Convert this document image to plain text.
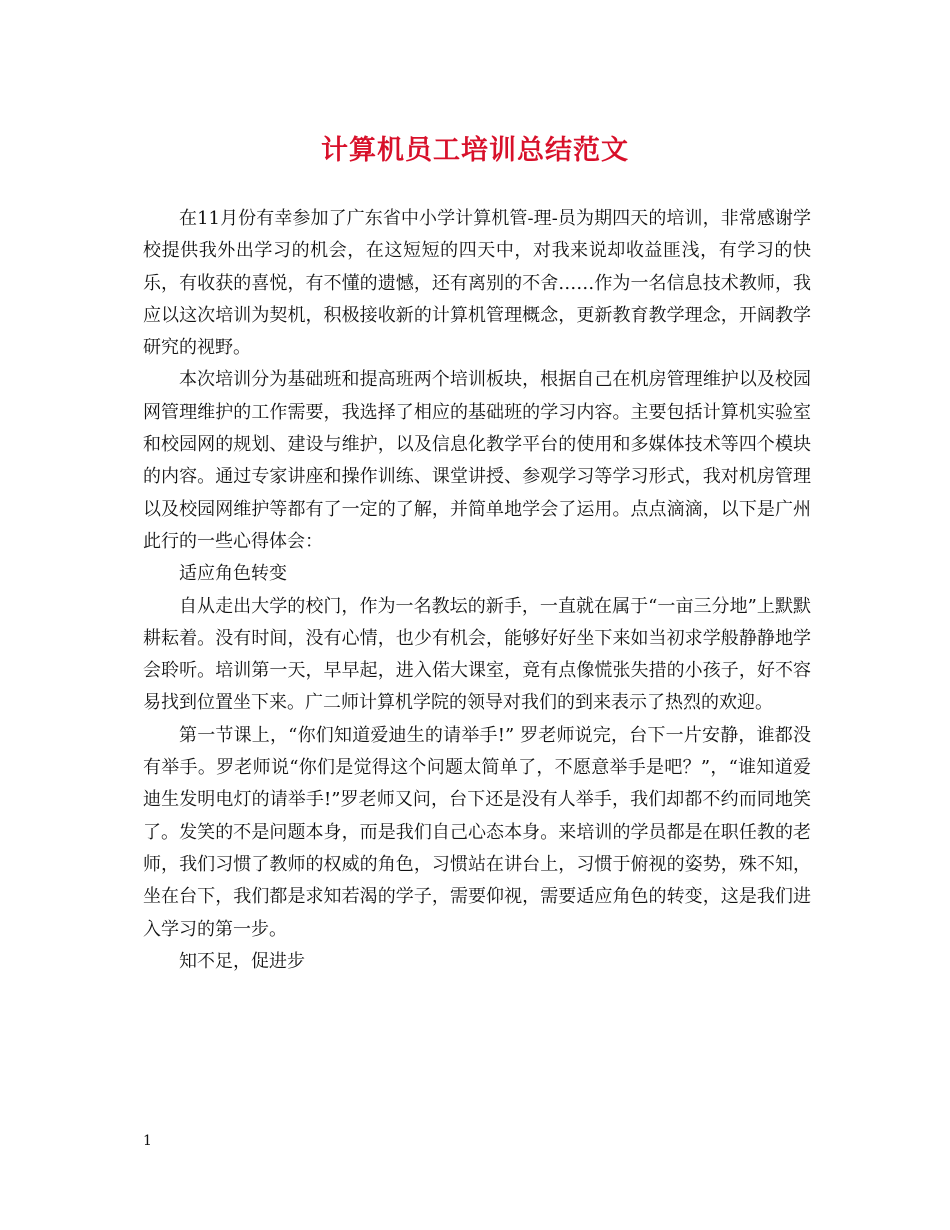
计算机员工培训总结范文

在11月份有幸参加了广东省中小学计算机管-理-员为期四天的培训，非常感谢学校提供我外出学习的机会，在这短短的四天中，对我来说却收益匪浅，有学习的快乐，有收获的喜悦，有不懂的遗憾，还有离别的不舍……作为一名信息技术教师，我应以这次培训为契机，积极接收新的计算机管理概念，更新教育教学理念，开阔教学研究的视野。

本次培训分为基础班和提高班两个培训板块，根据自己在机房管理维护以及校园网管理维护的工作需要，我选择了相应的基础班的学习内容。主要包括计算机实验室和校园网的规划、建设与维护，以及信息化教学平台的使用和多媒体技术等四个模块的内容。通过专家讲座和操作训练、课堂讲授、参观学习等学习形式，我对机房管理以及校园网维护等都有了一定的了解，并简单地学会了运用。点点滴滴，以下是广州此行的一些心得体会：

适应角色转变

自从走出大学的校门，作为一名教坛的新手，一直就在属于“一亩三分地”上默默耕耘着。没有时间，没有心情，也少有机会，能够好好坐下来如当初求学般静静地学会聆听。培训第一天，早早起，进入偌大课室，竟有点像慌张失措的小孩子，好不容易找到位置坐下来。广二师计算机学院的领导对我们的到来表示了热烈的欢迎。

第一节课上，“你们知道爱迪生的请举手!” 罗老师说完，台下一片安静，谁都没有举手。罗老师说“你们是觉得这个问题太简单了，不愿意举手是吧？”，“谁知道爱迪生发明电灯的请举手!”罗老师又问，台下还是没有人举手，我们却都不约而同地笑了。发笑的不是问题本身，而是我们自己心态本身。来培训的学员都是在职任教的老师，我们习惯了教师的权威的角色，习惯站在讲台上，习惯于俯视的姿势，殊不知，坐在台下，我们都是求知若渴的学子，需要仰视，需要适应角色的转变，这是我们进入学习的第一步。

知不足，促进步

1
